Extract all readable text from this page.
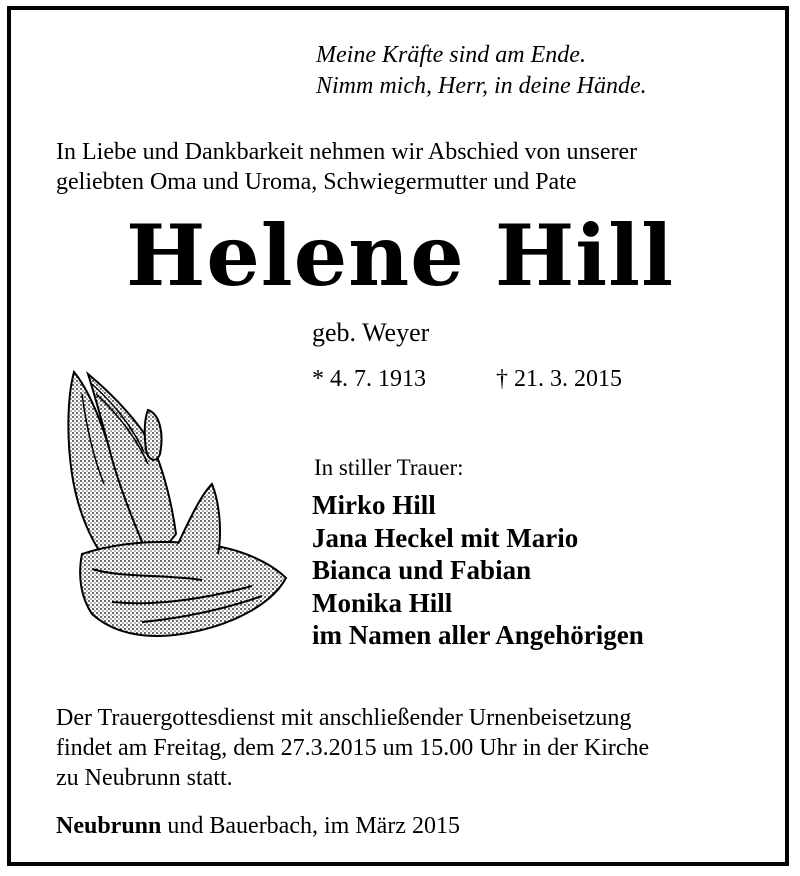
Meine Kräfte sind am Ende.
Nimm mich, Herr, in deine Hände.
In Liebe und Dankbarkeit nehmen wir Abschied von unserer
geliebten Oma und Uroma, Schwiegermutter und Pate
Helene Hill
geb. Weyer
* 4. 7. 1913	† 21. 3. 2015
In stiller Trauer:
Mirko Hill
Jana Heckel mit Mario
Bianca und Fabian
Monika Hill
im Namen aller Angehörigen
Der Trauergottesdienst mit anschließender Urnenbeisetzung
findet am Freitag, dem 27.3.2015 um 15.00 Uhr in der Kirche
zu Neubrunn statt.
Neubrunn und Bauerbach, im März 2015
